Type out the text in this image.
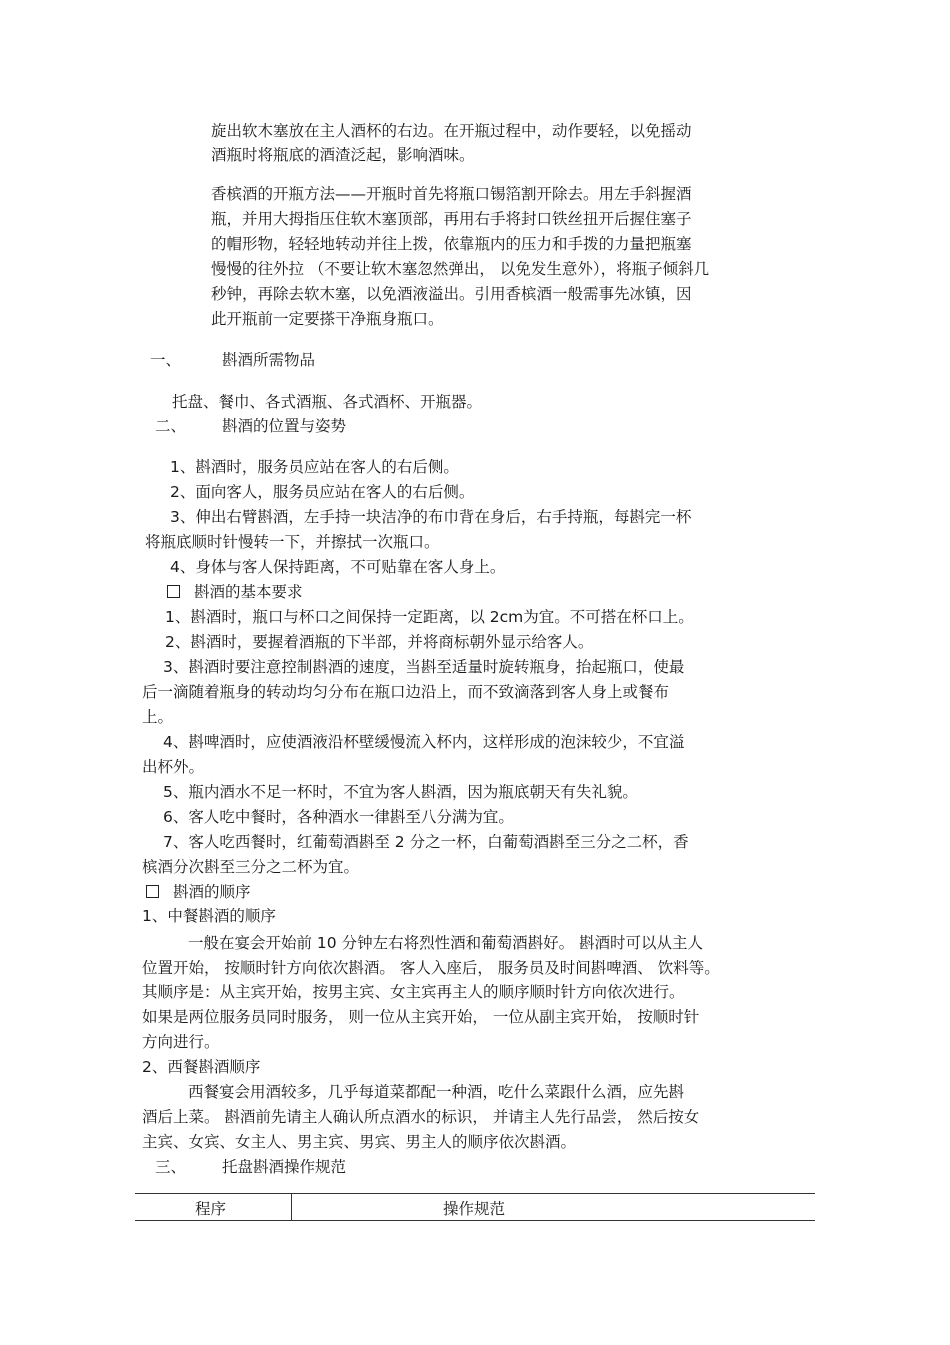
旋出软木塞放在主人酒杯的右边。在开瓶过程中，动作要轻，以免摇动
酒瓶时将瓶底的酒渣泛起，影响酒味。
香槟酒的开瓶方法——开瓶时首先将瓶口锡箔割开除去。用左手斜握酒
瓶，并用大拇指压住软木塞顶部，再用右手将封口铁丝扭开后握住塞子
的帽形物，轻轻地转动并往上拨，依靠瓶内的压力和手拨的力量把瓶塞
慢慢的往外拉 （不要让软木塞忽然弹出， 以免发生意外），将瓶子倾斜几
秒钟，再除去软木塞，以免酒液溢出。引用香槟酒一般需事先冰镇，因
此开瓶前一定要搽干净瓶身瓶口。
一、	斟酒所需物品
托盘、餐巾、各式酒瓶、各式酒杯、开瓶器。
二、 斟酒的位置与姿势
1、斟酒时，服务员应站在客人的右后侧。
2、面向客人，服务员应站在客人的右后侧。
3、伸出右臂斟酒，左手持一块洁净的布巾背在身后，右手持瓶，每斟完一杯
将瓶底顺时针慢转一下，并擦拭一次瓶口。
4、身体与客人保持距离，不可贴靠在客人身上。
斟酒的基本要求
1、斟酒时，瓶口与杯口之间保持一定距离，以 2cm为宜。不可搭在杯口上。
2、斟酒时，要握着酒瓶的下半部，并将商标朝外显示给客人。
3、斟酒时要注意控制斟酒的速度，当斟至适量时旋转瓶身，抬起瓶口，使最
后一滴随着瓶身的转动均匀分布在瓶口边沿上，而不致滴落到客人身上或餐布
上。
4、斟啤酒时，应使酒液沿杯壁缓慢流入杯内，这样形成的泡沫较少，不宜溢
出杯外。
5、瓶内酒水不足一杯时，不宜为客人斟酒，因为瓶底朝天有失礼貌。
6、客人吃中餐时，各种酒水一律斟至八分满为宜。
7、客人吃西餐时，红葡萄酒斟至 2 分之一杯，白葡萄酒斟至三分之二杯，香
槟酒分次斟至三分之二杯为宜。
斟酒的顺序
1、中餐斟酒的顺序
一般在宴会开始前 10 分钟左右将烈性酒和葡萄酒斟好。 斟酒时可以从主人
位置开始， 按顺时针方向依次斟酒。 客人入座后， 服务员及时间斟啤酒、 饮料等。
其顺序是：从主宾开始，按男主宾、女主宾再主人的顺序顺时针方向依次进行。
如果是两位服务员同时服务， 则一位从主宾开始， 一位从副主宾开始， 按顺时针
方向进行。
2、西餐斟酒顺序
西餐宴会用酒较多，几乎每道菜都配一种酒，吃什么菜跟什么酒，应先斟
酒后上菜。 斟酒前先请主人确认所点酒水的标识， 并请主人先行品尝， 然后按女
主宾、女宾、女主人、男主宾、男宾、男主人的顺序依次斟酒。
三、 托盘斟酒操作规范
程序	操作规范
